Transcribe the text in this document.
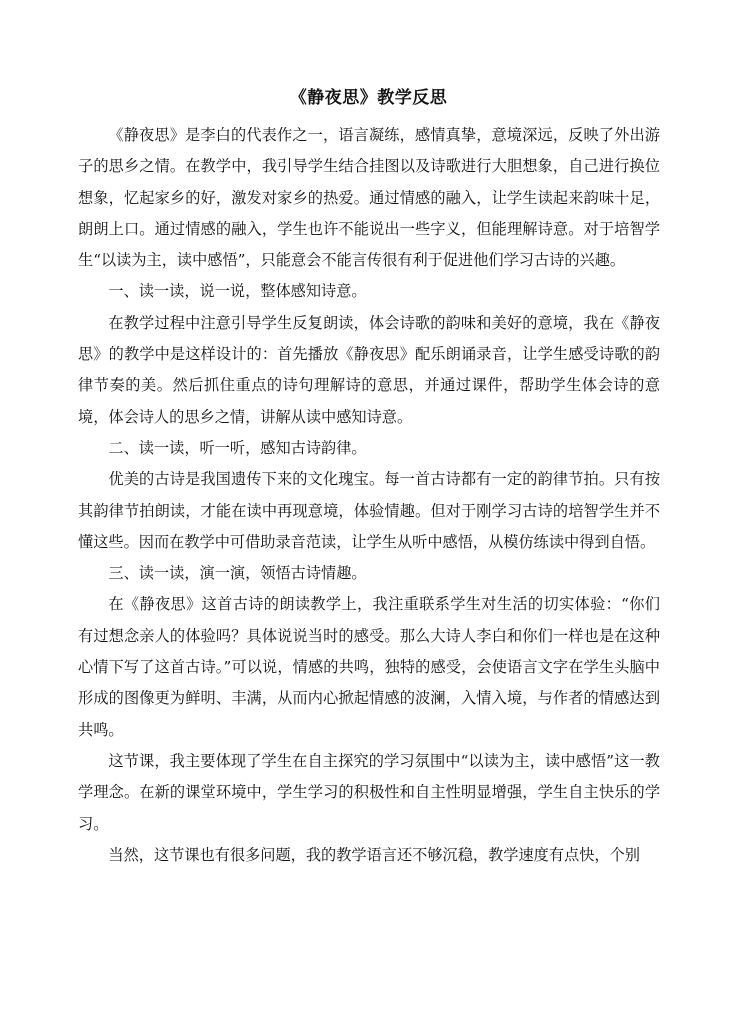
《静夜思》教学反思

《静夜思》是李白的代表作之一，语言凝练，感情真挚，意境深远，反映了外出游子的思乡之情。在教学中，我引导学生结合挂图以及诗歌进行大胆想象，自己进行换位想象，忆起家乡的好，激发对家乡的热爱。通过情感的融入，让学生读起来韵味十足，朗朗上口。通过情感的融入，学生也许不能说出一些字义，但能理解诗意。对于培智学生“以读为主，读中感悟”，只能意会不能言传很有利于促进他们学习古诗的兴趣。

一、读一读，说一说，整体感知诗意。

在教学过程中注意引导学生反复朗读，体会诗歌的韵味和美好的意境，我在《静夜思》的教学中是这样设计的：首先播放《静夜思》配乐朗诵录音，让学生感受诗歌的韵律节奏的美。然后抓住重点的诗句理解诗的意思，并通过课件，帮助学生体会诗的意境，体会诗人的思乡之情，讲解从读中感知诗意。

二、读一读，听一听，感知古诗韵律。

优美的古诗是我国遗传下来的文化瑰宝。每一首古诗都有一定的韵律节拍。只有按其韵律节拍朗读，才能在读中再现意境，体验情趣。但对于刚学习古诗的培智学生并不懂这些。因而在教学中可借助录音范读，让学生从听中感悟，从模仿练读中得到自悟。

三、读一读，演一演，领悟古诗情趣。

在《静夜思》这首古诗的朗读教学上，我注重联系学生对生活的切实体验：“你们有过想念亲人的体验吗？具体说说当时的感受。那么大诗人李白和你们一样也是在这种心情下写了这首古诗。”可以说，情感的共鸣，独特的感受，会使语言文字在学生头脑中形成的图像更为鲜明、丰满，从而内心掀起情感的波澜，入情入境，与作者的情感达到共鸣。

这节课，我主要体现了学生在自主探究的学习氛围中“以读为主，读中感悟”这一教学理念。在新的课堂环境中，学生学习的积极性和自主性明显增强，学生自主快乐的学习。

当然，这节课也有很多问题，我的教学语言还不够沉稳，教学速度有点快，个别
